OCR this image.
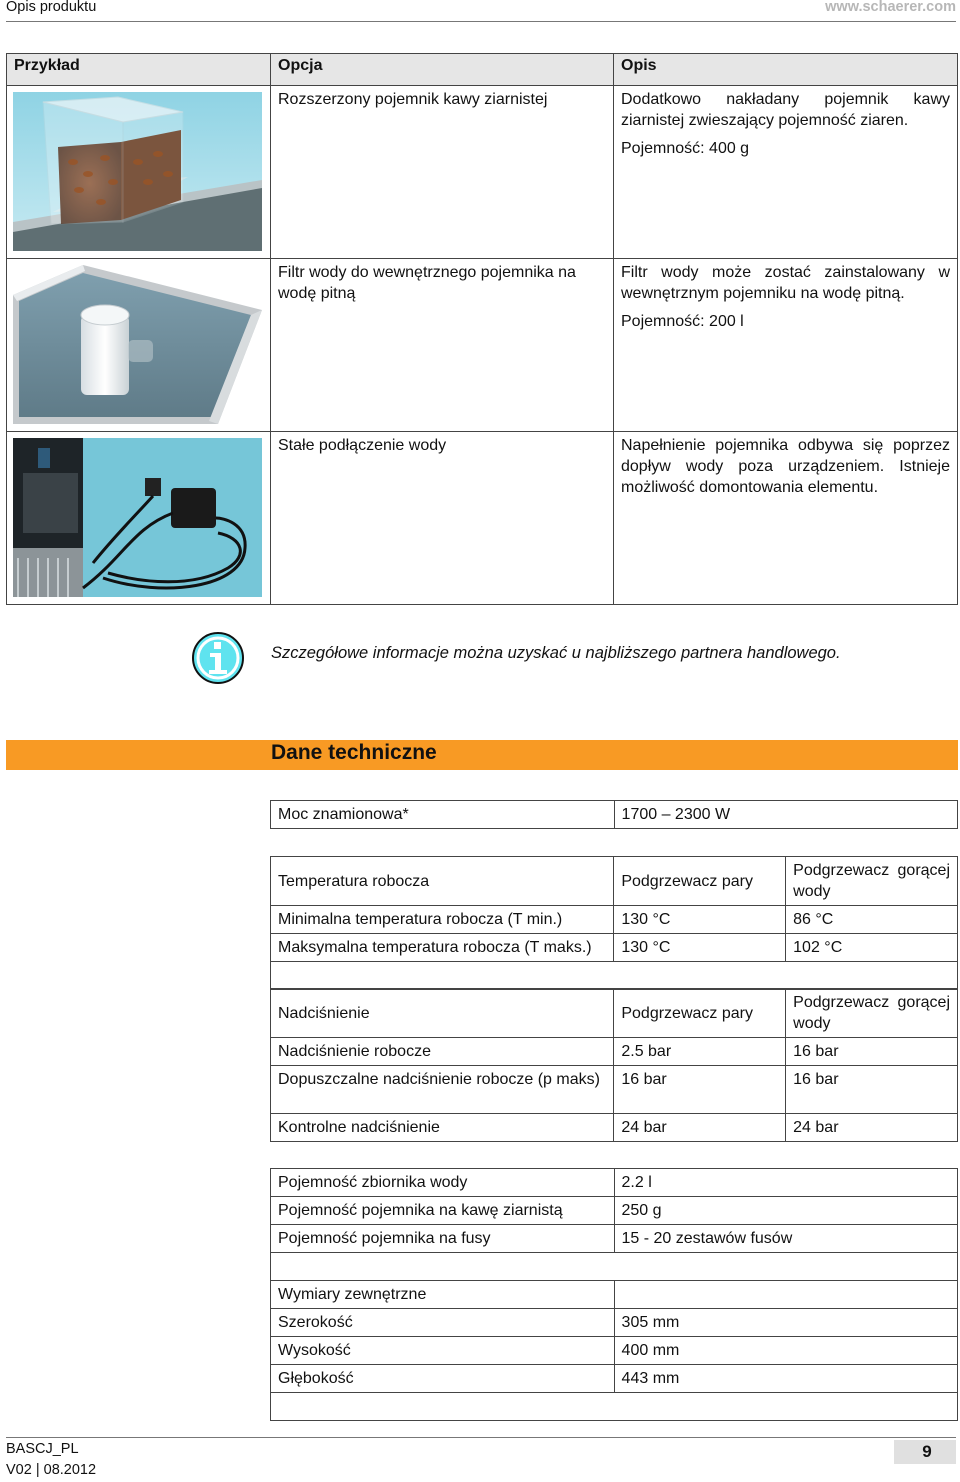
Opis produktu	www.schaerer.com
Przykład	Opcja	Opis

	Rozszerzony pojemnik kawy ziarnistej	Dodatkowo nakładany pojemnik kawy ziarnistej zwieszający pojemność ziaren.
Pojemność: 400 g

	Filtr wody do wewnętrznego pojemnika na wodę pitną	Filtr wody może zostać zainstalowany w wewnętrznym pojemniku na wodę pitną.
Pojemność: 200 l

	Stałe podłączenie wody	Napełnienie pojemnika odbywa się poprzez dopływ wody poza urządzeniem. Istnieje możliwość domontowania elementu.
Szczegółowe informacje można uzyskać u najbliższego partnera handlowego.
Dane techniczne
Moc znamionowa*	1700 – 2300 W
Temperatura robocza	Podgrzewacz pary	Podgrzewacz gorącej wody
Minimalna temperatura robocza (T min.)	130 °C	86 °C
Maksymalna temperatura robocza (T maks.)	130 °C	102 °C

Nadciśnienie	Podgrzewacz pary	Podgrzewacz gorącej wody
Nadciśnienie robocze	2.5 bar	16 bar
Dopuszczalne nadciśnienie robocze (p maks)	16 bar	16 bar
Kontrolne nadciśnienie	24 bar	24 bar
Pojemność zbiornika wody	2.2 l
Pojemność pojemnika na kawę ziarnistą	250 g
Pojemność pojemnika na fusy	15 - 20 zestawów fusów

Wymiary zewnętrzne	
Szerokość	305 mm
Wysokość	400 mm
Głębokość	443 mm

BASCJ_PL
V02 | 08.2012
9
